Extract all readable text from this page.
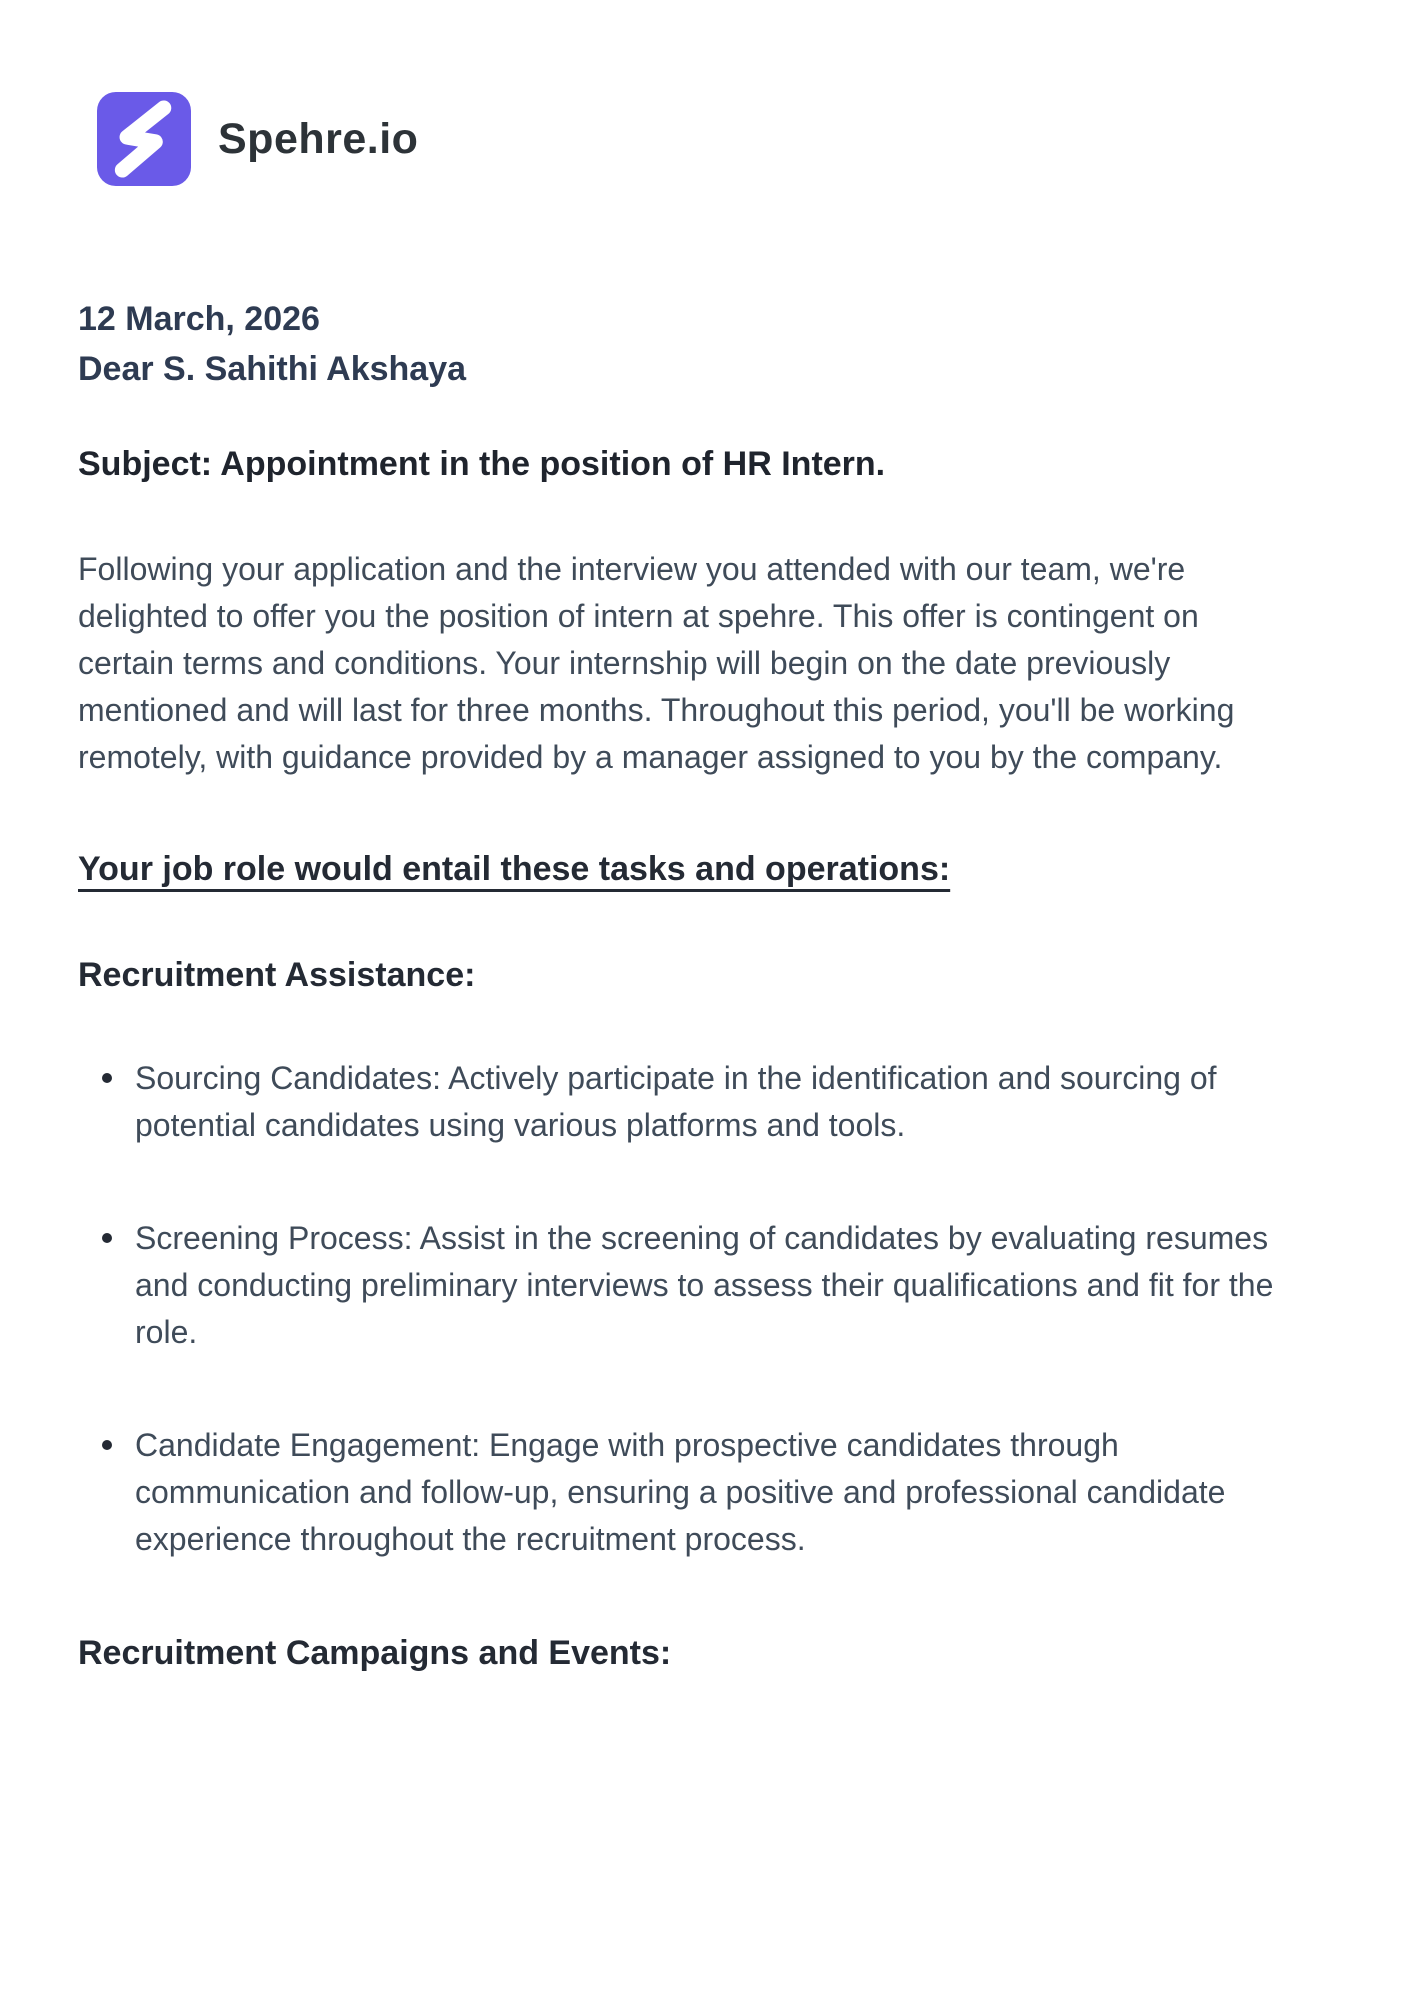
Spehre.io
12 March, 2026
Dear S. Sahithi Akshaya
Subject: Appointment in the position of HR Intern.

Following your application and the interview you attended with our team, we're delighted to offer you the position of intern at spehre. This offer is contingent on certain terms and conditions. Your internship will begin on the date previously mentioned and will last for three months. Throughout this period, you'll be working remotely, with guidance provided by a manager assigned to you by the company.

Your job role would entail these tasks and operations:
Recruitment Assistance:
Sourcing Candidates: Actively participate in the identification and sourcing of potential candidates using various platforms and tools.
Screening Process: Assist in the screening of candidates by evaluating resumes and conducting preliminary interviews to assess their qualifications and fit for the role.
Candidate Engagement: Engage with prospective candidates through communication and follow-up, ensuring a positive and professional candidate experience throughout the recruitment process.
Recruitment Campaigns and Events:
